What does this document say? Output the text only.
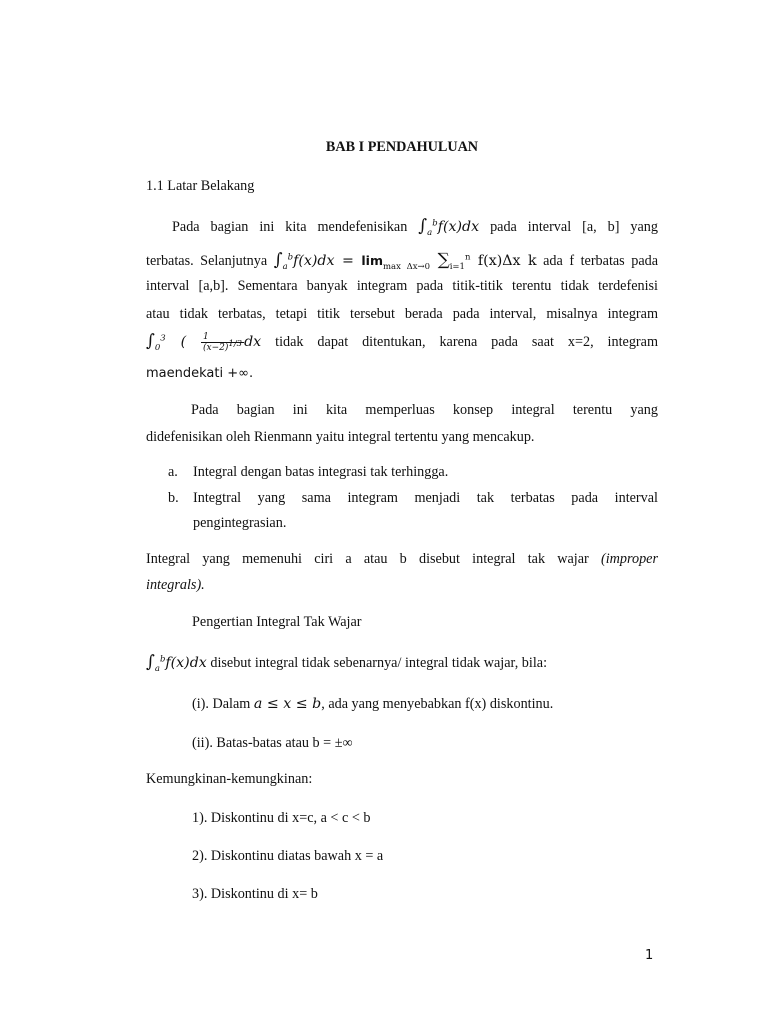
BAB I PENDAHULUAN
1.1 Latar Belakang
Pada bagian ini kita mendefenisikan $\int_a^bf(x)dx$ pada interval [a, b] yang
terbatas. Selanjutnya $\int_a^bf(x)dx = \lim_{max \Delta x\to 0} \sum_{i=1}^n$ f(x)Δx k ada f terbatas pada
interval [a,b]. Sementara banyak integram pada titik-titik terentu tidak terdefenisi
atau tidak terbatas, tetapi titik tersebut berada pada interval, misalnya integram
$\int_0^3$ ( $\frac{1}{(x-2)^{1/3}}$ dx tidak dapat ditentukan, karena pada saat x=2, integram
maendekati +∞.
Pada bagian ini kita memperluas konsep integral terentu yang
didefenisikan oleh Rienmann yaitu integral tertentu yang mencakup.
a.	Integral dengan batas integrasi tak terhingga.
b.	Integtral yang sama integram menjadi tak terbatas pada interval
pengintegrasian.
Integral yang memenuhi ciri a atau b disebut integral tak wajar (improper
integrals).
Pengertian Integral Tak Wajar
$\int_a^bf(x)dx$ disebut integral tidak sebenarnya/ integral tidak wajar, bila:
(i). Dalam a ≤ x ≤ b, ada yang menyebabkan f(x) diskontinu.
(ii). Batas-batas atau b = ±∞
Kemungkinan-kemungkinan:
1). Diskontinu di x=c, a < c < b
2). Diskontinu diatas bawah x = a
3). Diskontinu di x= b
1
